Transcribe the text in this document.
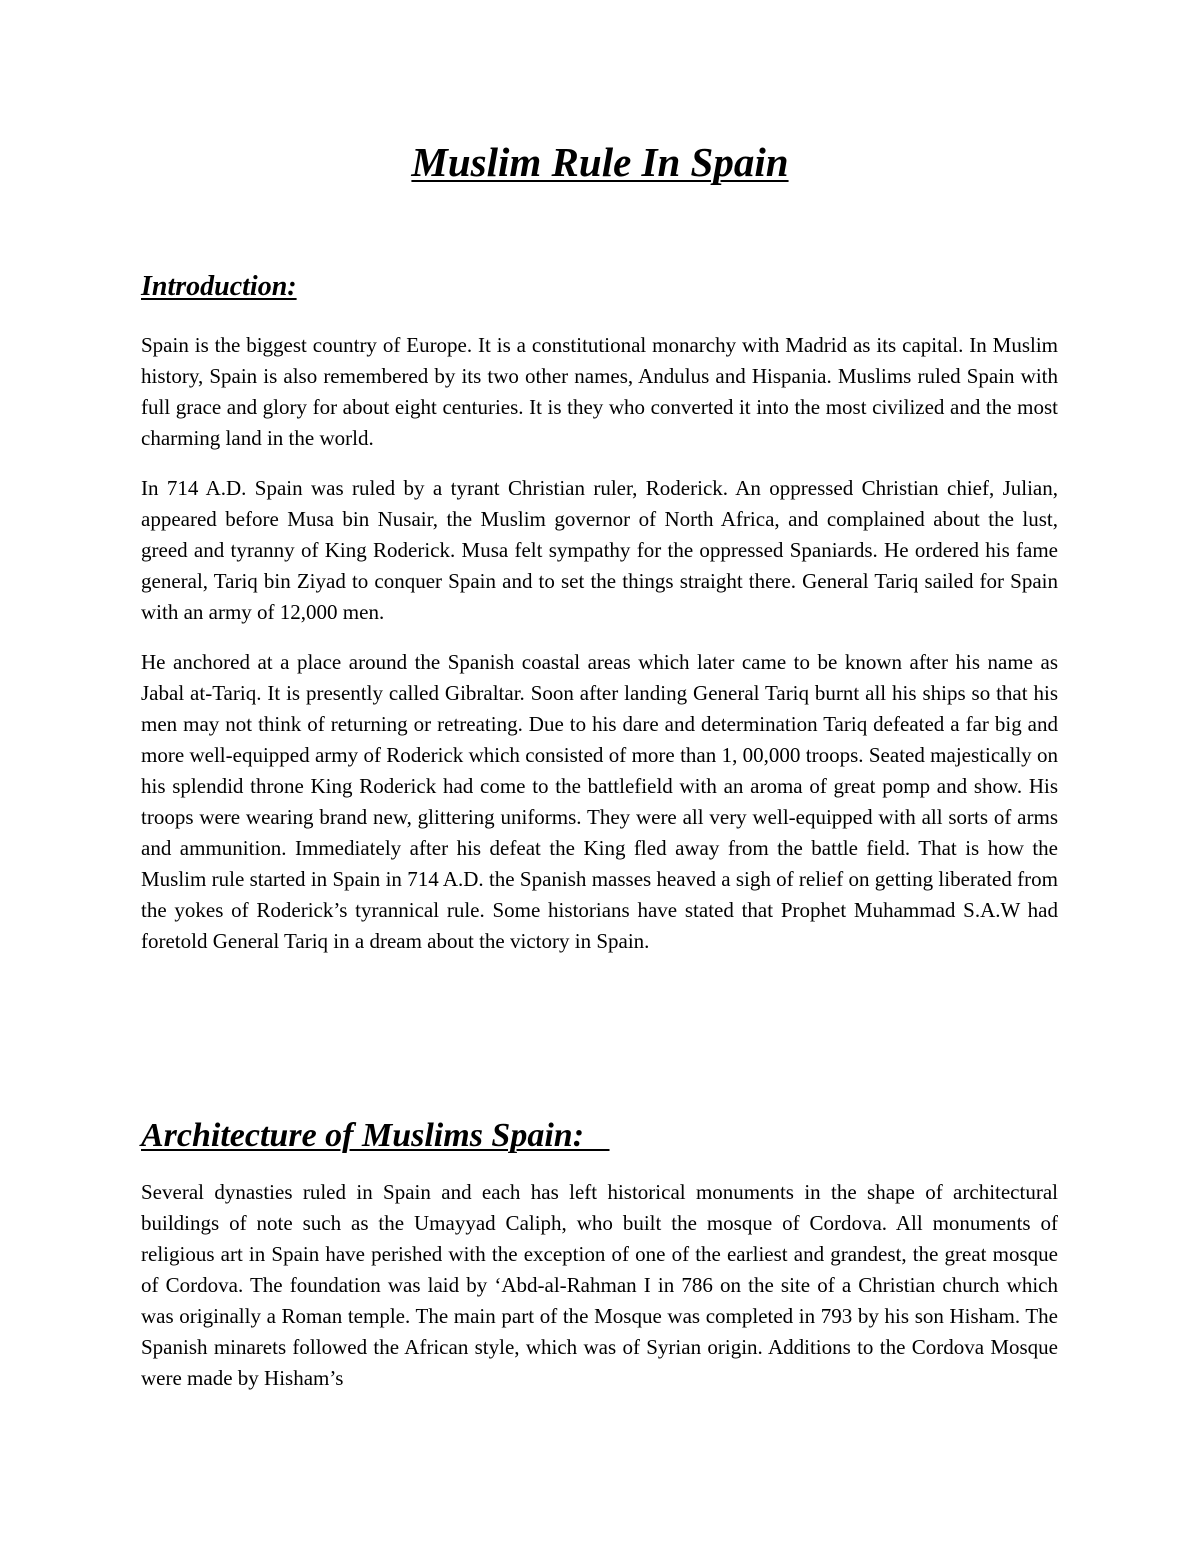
Muslim Rule In Spain
Introduction:

Spain is the biggest country of Europe. It is a constitutional monarchy with Madrid as its capital. In Muslim history, Spain is also remembered by its two other names, Andulus and Hispania. Muslims ruled Spain with full grace and glory for about eight centuries. It is they who converted it into the most civilized and the most charming land in the world.

In 714 A.D. Spain was ruled by a tyrant Christian ruler, Roderick. An oppressed Christian chief, Julian, appeared before Musa bin Nusair, the Muslim governor of North Africa, and complained about the lust, greed and tyranny of King Roderick. Musa felt sympathy for the oppressed Spaniards. He ordered his fame general, Tariq bin Ziyad to conquer Spain and to set the things straight there. General Tariq sailed for Spain with an army of 12,000 men.

He anchored at a place around the Spanish coastal areas which later came to be known after his name as Jabal at-Tariq. It is presently called Gibraltar. Soon after landing General Tariq burnt all his ships so that his men may not think of returning or retreating. Due to his dare and determination Tariq defeated a far big and more well-equipped army of Roderick which consisted of more than 1, 00,000 troops. Seated majestically on his splendid throne King Roderick had come to the battlefield with an aroma of great pomp and show. His troops were wearing brand new, glittering uniforms. They were all very well-equipped with all sorts of arms and ammunition. Immediately after his defeat the King fled away from the battle field. That is how the Muslim rule started in Spain in 714 A.D. the Spanish masses heaved a sigh of relief on getting liberated from the yokes of Roderick’s tyrannical rule. Some historians have stated that Prophet Muhammad S.A.W had foretold General Tariq in a dream about the victory in Spain.

Architecture of Muslims Spain:

Several dynasties ruled in Spain and each has left historical monuments in the shape of architectural buildings of note such as the Umayyad Caliph, who built the mosque of Cordova. All monuments of religious art in Spain have perished with the exception of one of the earliest and grandest, the great mosque of Cordova. The foundation was laid by ‘Abd-al-Rahman I in 786 on the site of a Christian church which was originally a Roman temple. The main part of the Mosque was completed in 793 by his son Hisham. The Spanish minarets followed the African style, which was of Syrian origin. Additions to the Cordova Mosque were made by Hisham’s
